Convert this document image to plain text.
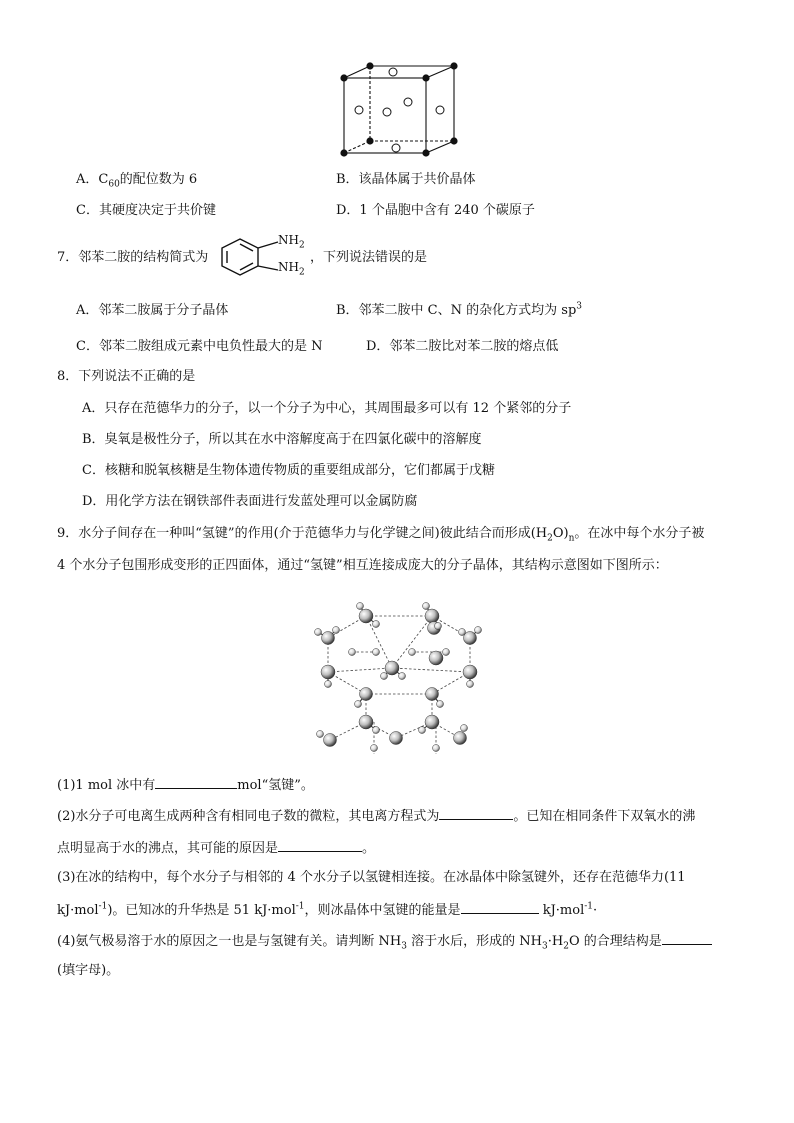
A．$C_{60}$的配位数为 6	B．该晶体属于共价晶体
C．其硬度决定于共价键	D．1 个晶胞中含有 240 个碳原子
7．邻苯二胺的结构简式为
$NH_2$
$NH_2$
，下列说法错误的是
A．邻苯二胺属于分子晶体	B．邻苯二胺中 C、N 的杂化方式均为 $sp^3$
C．邻苯二胺组成元素中电负性最大的是 N	D．邻苯二胺比对苯二胺的熔点低
8．下列说法不正确的是
A．只存在范德华力的分子，以一个分子为中心，其周围最多可以有 12 个紧邻的分子
B．臭氧是极性分子，所以其在水中溶解度高于在四氯化碳中的溶解度
C．核糖和脱氧核糖是生物体遗传物质的重要组成部分，它们都属于戊糖
D．用化学方法在钢铁部件表面进行发蓝处理可以金属防腐
9．水分子间存在一种叫“氢键”的作用(介于范德华力与化学键之间)彼此结合而形成$(H_2O)_n$。在冰中每个水分子被
4 个水分子包围形成变形的正四面体，通过“氢键”相互连接成庞大的分子晶体，其结构示意图如下图所示：
(1)1 mol 冰中有	mol“氢键”。
(2)水分子可电离生成两种含有相同电子数的微粒，其电离方程式为	。已知在相同条件下双氧水的沸
点明显高于水的沸点，其可能的原因是	。
(3)在冰的结构中，每个水分子与相邻的 4 个水分子以氢键相连接。在冰晶体中除氢键外，还存在范德华力(11
kJ·mol$^{-1}$)。已知冰的升华热是 51 kJ·mol$^{-1}$，则冰晶体中氢键的能量是	kJ·mol$^{-1}$·
(4)氨气极易溶于水的原因之一也是与氢键有关。请判断 $NH_3$ 溶于水后，形成的 $NH_3\cdot H_2O$ 的合理结构是
(填字母)。
